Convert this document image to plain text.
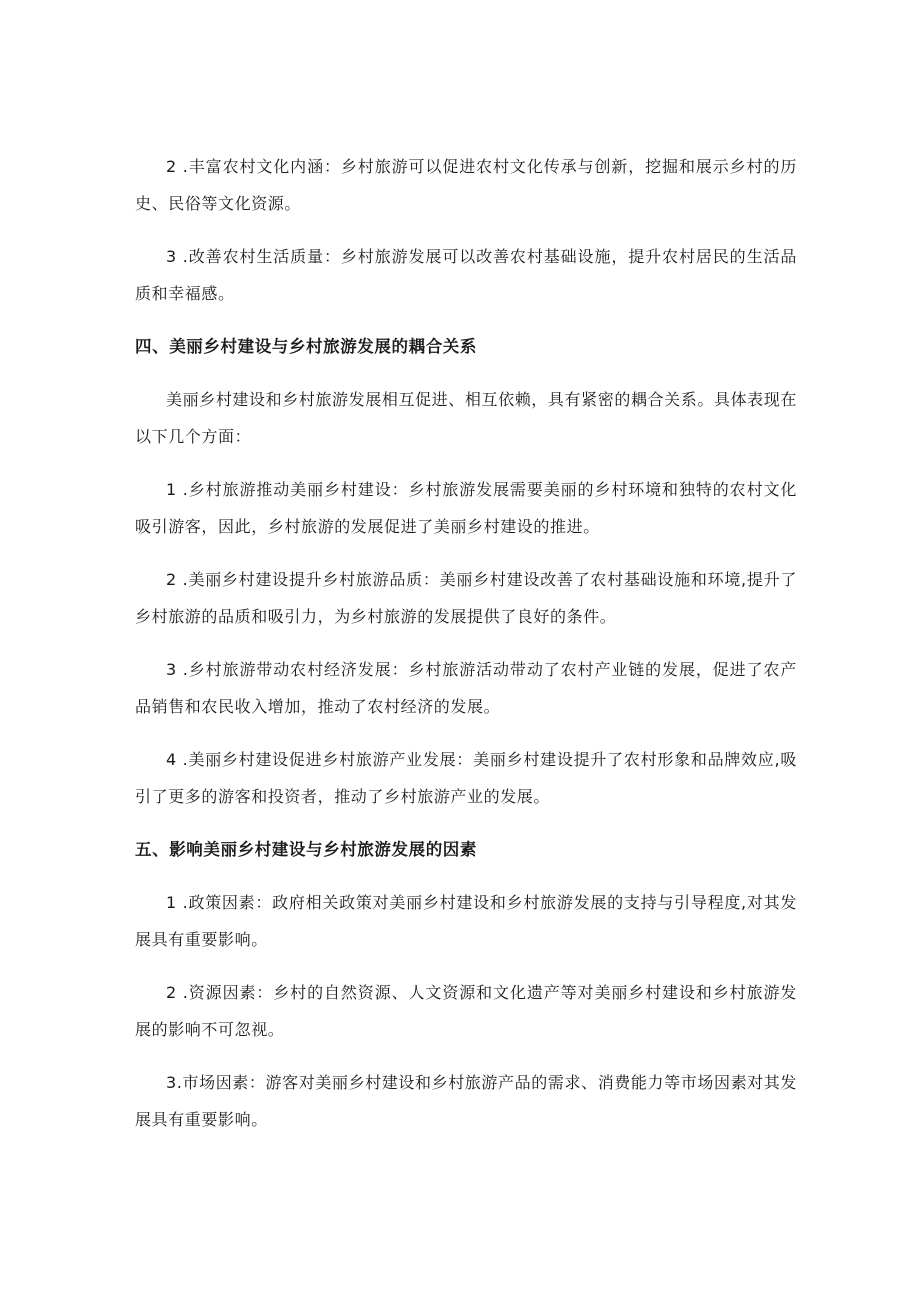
2 .丰富农村文化内涵：乡村旅游可以促进农村文化传承与创新，挖掘和展示乡村的历史、民俗等文化资源。

3 .改善农村生活质量：乡村旅游发展可以改善农村基础设施，提升农村居民的生活品质和幸福感。

四、美丽乡村建设与乡村旅游发展的耦合关系

美丽乡村建设和乡村旅游发展相互促进、相互依赖，具有紧密的耦合关系。具体表现在以下几个方面：

1 .乡村旅游推动美丽乡村建设：乡村旅游发展需要美丽的乡村环境和独特的农村文化吸引游客，因此，乡村旅游的发展促进了美丽乡村建设的推进。

2 .美丽乡村建设提升乡村旅游品质：美丽乡村建设改善了农村基础设施和环境,提升了乡村旅游的品质和吸引力，为乡村旅游的发展提供了良好的条件。

3 .乡村旅游带动农村经济发展：乡村旅游活动带动了农村产业链的发展，促进了农产品销售和农民收入增加，推动了农村经济的发展。

4 .美丽乡村建设促进乡村旅游产业发展：美丽乡村建设提升了农村形象和品牌效应,吸引了更多的游客和投资者，推动了乡村旅游产业的发展。

五、影响美丽乡村建设与乡村旅游发展的因素

1 .政策因素：政府相关政策对美丽乡村建设和乡村旅游发展的支持与引导程度,对其发展具有重要影响。

2 .资源因素：乡村的自然资源、人文资源和文化遗产等对美丽乡村建设和乡村旅游发展的影响不可忽视。

3.市场因素：游客对美丽乡村建设和乡村旅游产品的需求、消费能力等市场因素对其发展具有重要影响。
